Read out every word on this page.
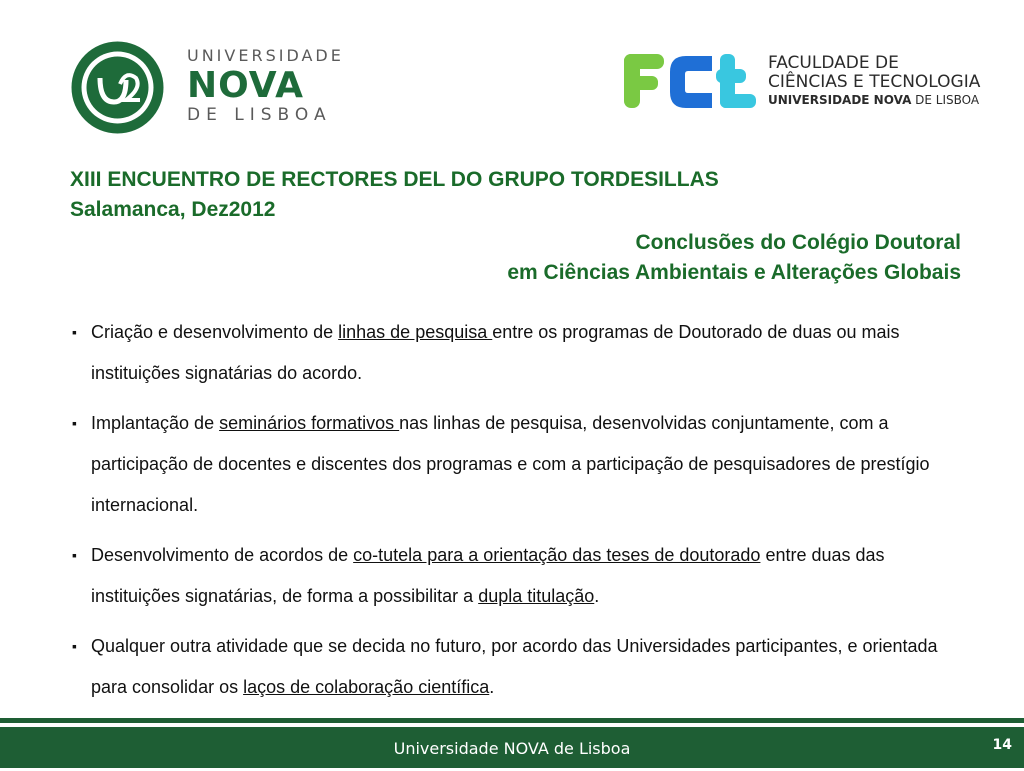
UNIVERSIDADE
NOVA
DE LISBOA
FACULDADE DE
CIÊNCIAS E TECNOLOGIA
UNIVERSIDADE NOVA DE LISBOA
XIII ENCUENTRO DE RECTORES DEL DO GRUPO TORDESILLAS
Salamanca, Dez2012
Conclusões do Colégio Doutoral
em Ciências Ambientais e Alterações Globais
▪ Criação e desenvolvimento de linhas de pesquisa entre os programas de Doutorado de duas ou mais instituições signatárias do acordo.
▪ Implantação de seminários formativos nas linhas de pesquisa, desenvolvidas conjuntamente, com a participação de docentes e discentes dos programas e com a participação de pesquisadores de prestígio internacional.
▪ Desenvolvimento de acordos de co-tutela para a orientação das teses de doutorado entre duas das instituições signatárias, de forma a possibilitar a dupla titulação.
▪ Qualquer outra atividade que se decida no futuro, por acordo das Universidades participantes, e orientada para consolidar os laços de colaboração científica.
Universidade NOVA de Lisboa	14
